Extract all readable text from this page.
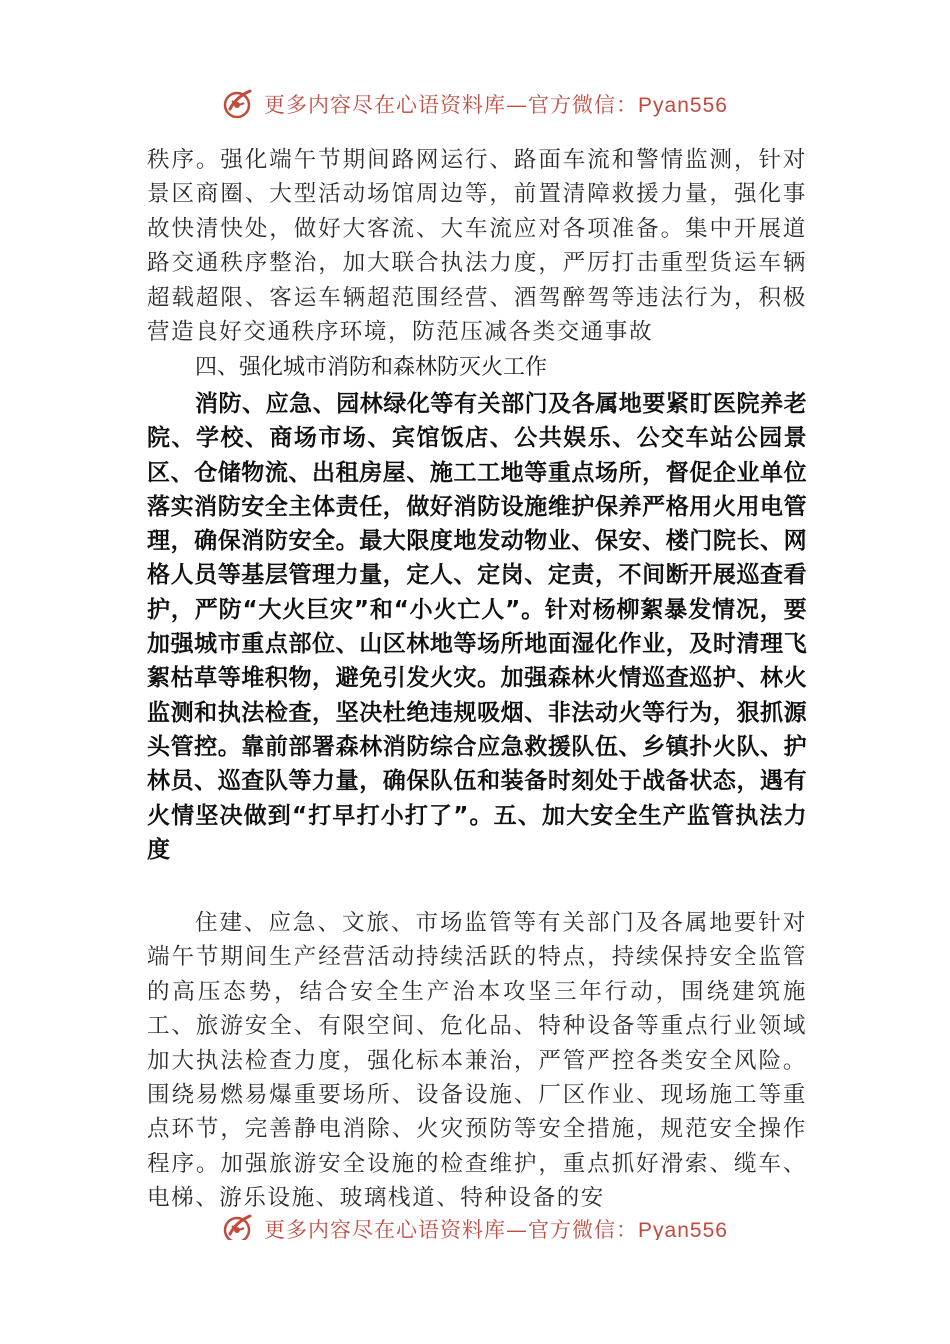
更多内容尽在心语资料库—官方微信：Pyan556

秩序。强化端午节期间路网运行、路面车流和警情监测，针对景区商圈、大型活动场馆周边等，前置清障救援力量，强化事故快清快处，做好大客流、大车流应对各项准备。集中开展道路交通秩序整治，加大联合执法力度，严厉打击重型货运车辆超载超限、客运车辆超范围经营、酒驾醉驾等违法行为，积极营造良好交通秩序环境，防范压减各类交通事故

四、强化城市消防和森林防灭火工作

消防、应急、园林绿化等有关部门及各属地要紧盯医院养老院、学校、商场市场、宾馆饭店、公共娱乐、公交车站公园景区、仓储物流、出租房屋、施工工地等重点场所，督促企业单位落实消防安全主体责任，做好消防设施维护保养严格用火用电管理，确保消防安全。最大限度地发动物业、保安、楼门院长、网格人员等基层管理力量，定人、定岗、定责，不间断开展巡查看护，严防“大火巨灾”和“小火亡人”。针对杨柳絮暴发情况，要加强城市重点部位、山区林地等场所地面湿化作业，及时清理飞絮枯草等堆积物，避免引发火灾。加强森林火情巡查巡护、林火监测和执法检查，坚决杜绝违规吸烟、非法动火等行为，狠抓源头管控。靠前部署森林消防综合应急救援队伍、乡镇扑火队、护林员、巡查队等力量，确保队伍和装备时刻处于战备状态，遇有火情坚决做到“打早打小打了”。五、加大安全生产监管执法力度

住建、应急、文旅、市场监管等有关部门及各属地要针对端午节期间生产经营活动持续活跃的特点，持续保持安全监管的高压态势，结合安全生产治本攻坚三年行动，围绕建筑施工、旅游安全、有限空间、危化品、特种设备等重点行业领域加大执法检查力度，强化标本兼治，严管严控各类安全风险。围绕易燃易爆重要场所、设备设施、厂区作业、现场施工等重点环节，完善静电消除、火灾预防等安全措施，规范安全操作程序。加强旅游安全设施的检查维护，重点抓好滑索、缆车、电梯、游乐设施、玻璃栈道、特种设备的安

更多内容尽在心语资料库—官方微信：Pyan556
